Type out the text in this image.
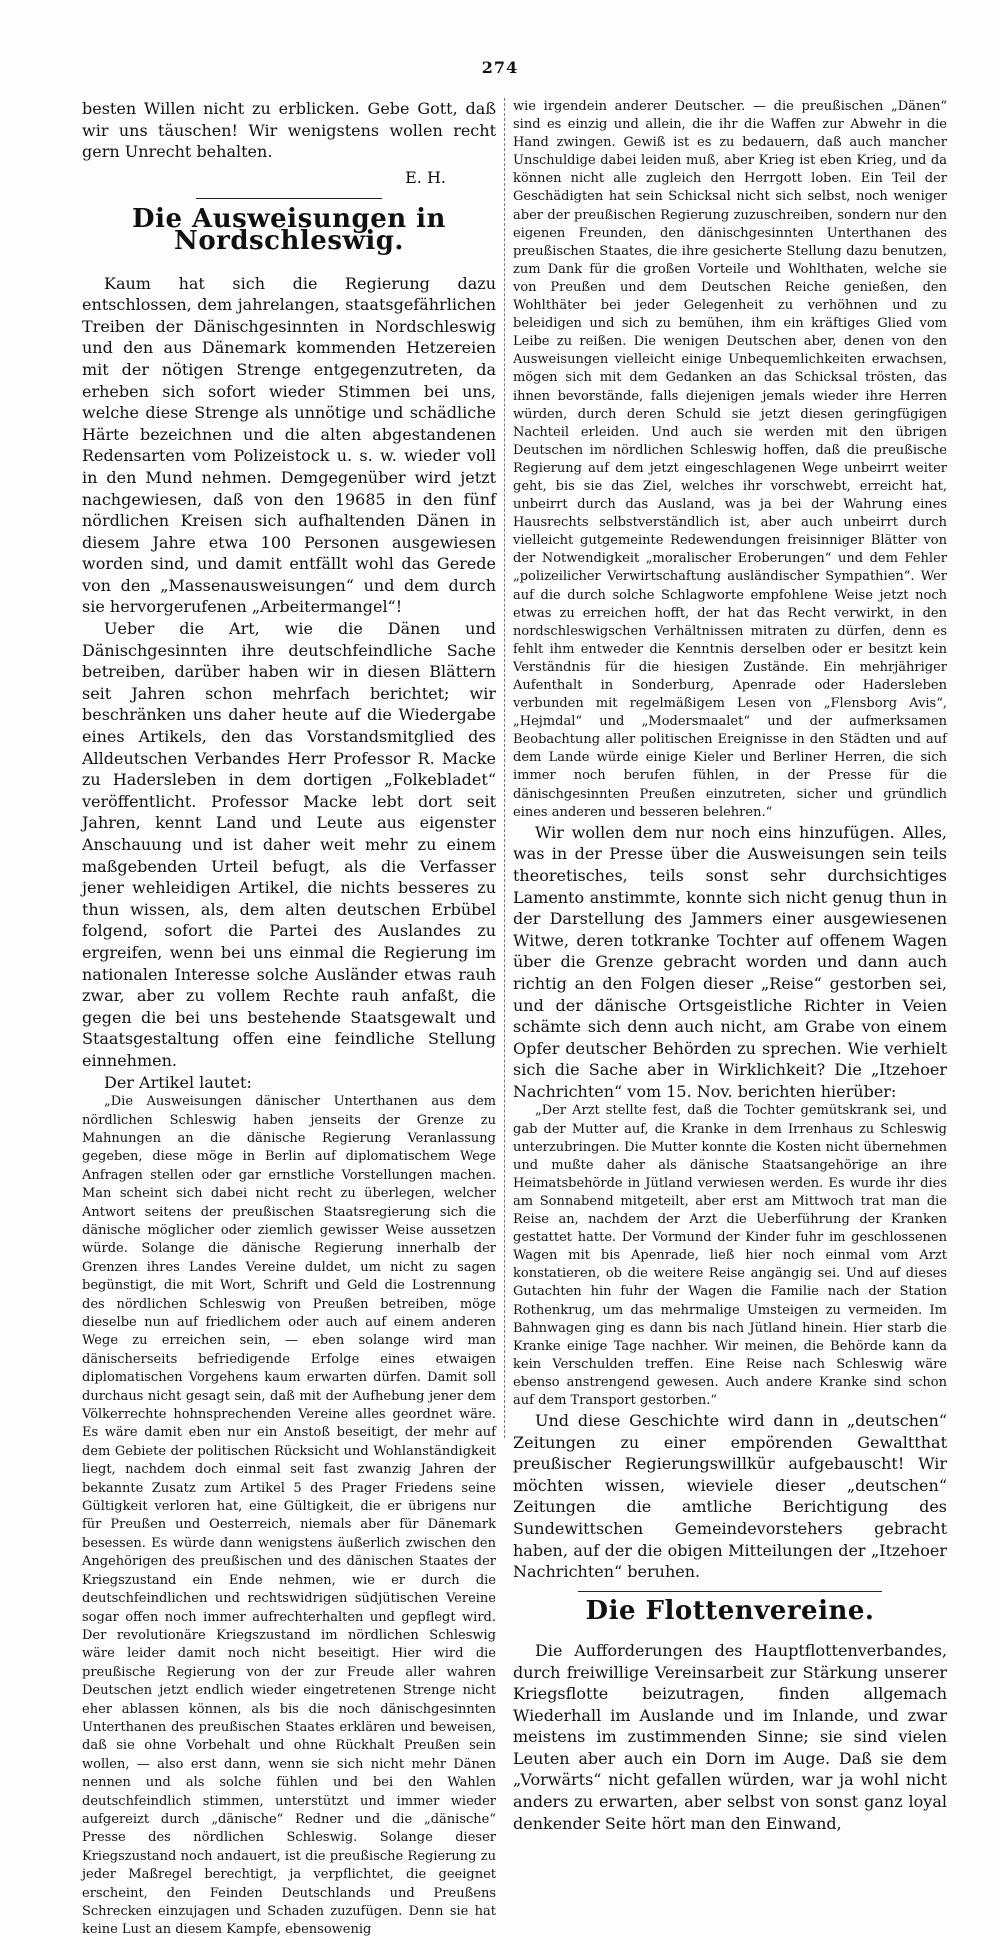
274

besten Willen nicht zu erblicken. Gebe Gott, daß wir uns täuschen! Wir wenigstens wollen recht gern Unrecht behalten.

E. H.
Die Ausweisungen in Nordschleswig.

Kaum hat sich die Regierung dazu entschlossen, dem jahrelangen, staatsgefährlichen Treiben der Dänischgesinnten in Nordschleswig und den aus Dänemark kommenden Hetzereien mit der nötigen Strenge entgegenzutreten, da erheben sich sofort wieder Stimmen bei uns, welche diese Strenge als unnötige und schädliche Härte bezeichnen und die alten abgestandenen Redensarten vom Polizeistock u. s. w. wieder voll in den Mund nehmen. Demgegenüber wird jetzt nachgewiesen, daß von den 19685 in den fünf nördlichen Kreisen sich aufhaltenden Dänen in diesem Jahre etwa 100 Personen ausgewiesen worden sind, und damit entfällt wohl das Gerede von den „Massenausweisungen“ und dem durch sie hervorgerufenen „Arbeitermangel“!

Ueber die Art, wie die Dänen und Dänischgesinnten ihre deutschfeindliche Sache betreiben, darüber haben wir in diesen Blättern seit Jahren schon mehrfach berichtet; wir beschränken uns daher heute auf die Wiedergabe eines Artikels, den das Vorstandsmitglied des Alldeutschen Verbandes Herr Professor R. Macke zu Hadersleben in dem dortigen „Folkebladet“ veröffentlicht. Professor Macke lebt dort seit Jahren, kennt Land und Leute aus eigenster Anschauung und ist daher weit mehr zu einem maßgebenden Urteil befugt, als die Verfasser jener wehleidigen Artikel, die nichts besseres zu thun wissen, als, dem alten deutschen Erbübel folgend, sofort die Partei des Auslandes zu ergreifen, wenn bei uns einmal die Regierung im nationalen Interesse solche Ausländer etwas rauh zwar, aber zu vollem Rechte rauh anfaßt, die gegen die bei uns bestehende Staatsgewalt und Staatsgestaltung offen eine feindliche Stellung einnehmen.

Der Artikel lautet:

„Die Ausweisungen dänischer Unterthanen aus dem nördlichen Schleswig haben jenseits der Grenze zu Mahnungen an die dänische Regierung Veranlassung gegeben, diese möge in Berlin auf diplomatischem Wege Anfragen stellen oder gar ernstliche Vorstellungen machen. Man scheint sich dabei nicht recht zu überlegen, welcher Antwort seitens der preußischen Staatsregierung sich die dänische möglicher oder ziemlich gewisser Weise aussetzen würde. Solange die dänische Regierung innerhalb der Grenzen ihres Landes Vereine duldet, um nicht zu sagen begünstigt, die mit Wort, Schrift und Geld die Lostrennung des nördlichen Schleswig von Preußen betreiben, möge dieselbe nun auf friedlichem oder auch auf einem anderen Wege zu erreichen sein, — eben solange wird man dänischerseits befriedigende Erfolge eines etwaigen diplomatischen Vorgehens kaum erwarten dürfen. Damit soll durchaus nicht gesagt sein, daß mit der Aufhebung jener dem Völkerrechte hohnsprechenden Vereine alles geordnet wäre. Es wäre damit eben nur ein Anstoß beseitigt, der mehr auf dem Gebiete der politischen Rücksicht und Wohlanständigkeit liegt, nachdem doch einmal seit fast zwanzig Jahren der bekannte Zusatz zum Artikel 5 des Prager Friedens seine Gültigkeit verloren hat, eine Gültigkeit, die er übrigens nur für Preußen und Oesterreich, niemals aber für Dänemark besessen. Es würde dann wenigstens äußerlich zwischen den Angehörigen des preußischen und des dänischen Staates der Kriegszustand ein Ende nehmen, wie er durch die deutschfeindlichen und rechtswidrigen südjütischen Vereine sogar offen noch immer aufrechterhalten und gepflegt wird. Der revolutionäre Kriegszustand im nördlichen Schleswig wäre leider damit noch nicht beseitigt. Hier wird die preußische Regierung von der zur Freude aller wahren Deutschen jetzt endlich wieder eingetretenen Strenge nicht eher ablassen können, als bis die noch dänischgesinnten Unterthanen des preußischen Staates erklären und beweisen, daß sie ohne Vorbehalt und ohne Rückhalt Preußen sein wollen, — also erst dann, wenn sie sich nicht mehr Dänen nennen und als solche fühlen und bei den Wahlen deutschfeindlich stimmen, unterstützt und immer wieder aufgereizt durch „dänische“ Redner und die „dänische“ Presse des nördlichen Schleswig. Solange dieser Kriegszustand noch andauert, ist die preußische Regierung zu jeder Maßregel berechtigt, ja verpflichtet, die geeignet erscheint, den Feinden Deutschlands und Preußens Schrecken einzujagen und Schaden zuzufügen. Denn sie hat keine Lust an diesem Kampfe, ebensowenig

wie irgendein anderer Deutscher. — die preußischen „Dänen“ sind es einzig und allein, die ihr die Waffen zur Abwehr in die Hand zwingen. Gewiß ist es zu bedauern, daß auch mancher Unschuldige dabei leiden muß, aber Krieg ist eben Krieg, und da können nicht alle zugleich den Herrgott loben. Ein Teil der Geschädigten hat sein Schicksal nicht sich selbst, noch weniger aber der preußischen Regierung zuzuschreiben, sondern nur den eigenen Freunden, den dänischgesinnten Unterthanen des preußischen Staates, die ihre gesicherte Stellung dazu benutzen, zum Dank für die großen Vorteile und Wohlthaten, welche sie von Preußen und dem Deutschen Reiche genießen, den Wohlthäter bei jeder Gelegenheit zu verhöhnen und zu beleidigen und sich zu bemühen, ihm ein kräftiges Glied vom Leibe zu reißen. Die wenigen Deutschen aber, denen von den Ausweisungen vielleicht einige Unbequemlichkeiten erwachsen, mögen sich mit dem Gedanken an das Schicksal trösten, das ihnen bevorstände, falls diejenigen jemals wieder ihre Herren würden, durch deren Schuld sie jetzt diesen geringfügigen Nachteil erleiden. Und auch sie werden mit den übrigen Deutschen im nördlichen Schleswig hoffen, daß die preußische Regierung auf dem jetzt eingeschlagenen Wege unbeirrt weiter geht, bis sie das Ziel, welches ihr vorschwebt, erreicht hat, unbeirrt durch das Ausland, was ja bei der Wahrung eines Hausrechts selbstverständlich ist, aber auch unbeirrt durch vielleicht gutgemeinte Redewendungen freisinniger Blätter von der Notwendigkeit „moralischer Eroberungen“ und dem Fehler „polizeilicher Verwirtschaftung ausländischer Sympathien“. Wer auf die durch solche Schlagworte empfohlene Weise jetzt noch etwas zu erreichen hofft, der hat das Recht verwirkt, in den nordschleswigschen Verhältnissen mitraten zu dürfen, denn es fehlt ihm entweder die Kenntnis derselben oder er besitzt kein Verständnis für die hiesigen Zustände. Ein mehrjähriger Aufenthalt in Sonderburg, Apenrade oder Hadersleben verbunden mit regelmäßigem Lesen von „Flensborg Avis“, „Hejmdal“ und „Modersmaalet“ und der aufmerksamen Beobachtung aller politischen Ereignisse in den Städten und auf dem Lande würde einige Kieler und Berliner Herren, die sich immer noch berufen fühlen, in der Presse für die dänischgesinnten Preußen einzutreten, sicher und gründlich eines anderen und besseren belehren.“

Wir wollen dem nur noch eins hinzufügen. Alles, was in der Presse über die Ausweisungen sein teils theoretisches, teils sonst sehr durchsichtiges Lamento anstimmte, konnte sich nicht genug thun in der Darstellung des Jammers einer ausgewiesenen Witwe, deren totkranke Tochter auf offenem Wagen über die Grenze gebracht worden und dann auch richtig an den Folgen dieser „Reise“ gestorben sei, und der dänische Ortsgeistliche Richter in Veien schämte sich denn auch nicht, am Grabe von einem Opfer deutscher Behörden zu sprechen. Wie verhielt sich die Sache aber in Wirklichkeit? Die „Itzehoer Nachrichten“ vom 15. Nov. berichten hierüber:

„Der Arzt stellte fest, daß die Tochter gemütskrank sei, und gab der Mutter auf, die Kranke in dem Irrenhaus zu Schleswig unterzubringen. Die Mutter konnte die Kosten nicht übernehmen und mußte daher als dänische Staatsangehörige an ihre Heimatsbehörde in Jütland verwiesen werden. Es wurde ihr dies am Sonnabend mitgeteilt, aber erst am Mittwoch trat man die Reise an, nachdem der Arzt die Ueberführung der Kranken gestattet hatte. Der Vormund der Kinder fuhr im geschlossenen Wagen mit bis Apenrade, ließ hier noch einmal vom Arzt konstatieren, ob die weitere Reise angängig sei. Und auf dieses Gutachten hin fuhr der Wagen die Familie nach der Station Rothenkrug, um das mehrmalige Umsteigen zu vermeiden. Im Bahnwagen ging es dann bis nach Jütland hinein. Hier starb die Kranke einige Tage nachher. Wir meinen, die Behörde kann da kein Verschulden treffen. Eine Reise nach Schleswig wäre ebenso anstrengend gewesen. Auch andere Kranke sind schon auf dem Transport gestorben.“

Und diese Geschichte wird dann in „deutschen“ Zeitungen zu einer empörenden Gewaltthat preußischer Regierungswillkür aufgebauscht! Wir möchten wissen, wieviele dieser „deutschen“ Zeitungen die amtliche Berichtigung des Sundewittschen Gemeindevorstehers gebracht haben, auf der die obigen Mitteilungen der „Itzehoer Nachrichten“ beruhen.

Die Flottenvereine.

Die Aufforderungen des Hauptflottenverbandes, durch freiwillige Vereinsarbeit zur Stärkung unserer Kriegsflotte beizutragen, finden allgemach Wiederhall im Auslande und im Inlande, und zwar meistens im zustimmenden Sinne; sie sind vielen Leuten aber auch ein Dorn im Auge. Daß sie dem „Vorwärts“ nicht gefallen würden, war ja wohl nicht anders zu erwarten, aber selbst von sonst ganz loyal denkender Seite hört man den Einwand,
